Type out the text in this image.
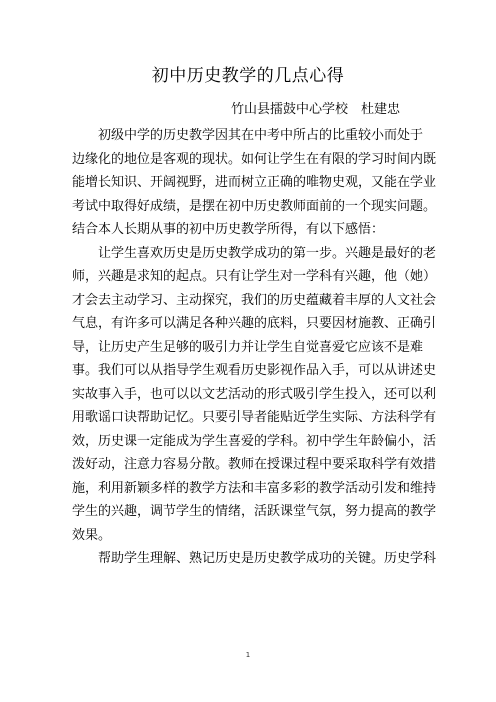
初中历史教学的几点心得
竹山县擂鼓中心学校　杜建忠
初级中学的历史教学因其在中考中所占的比重较小而处于
边缘化的地位是客观的现状。如何让学生在有限的学习时间内既
能增长知识、开阔视野，进而树立正确的唯物史观，又能在学业
考试中取得好成绩，是摆在初中历史教师面前的一个现实问题。
结合本人长期从事的初中历史教学所得，有以下感悟：
让学生喜欢历史是历史教学成功的第一步。兴趣是最好的老
师，兴趣是求知的起点。只有让学生对一学科有兴趣，他（她）
才会去主动学习、主动探究，我们的历史蕴藏着丰厚的人文社会
气息，有许多可以满足各种兴趣的底料，只要因材施教、正确引
导，让历史产生足够的吸引力并让学生自觉喜爱它应该不是难
事。我们可以从指导学生观看历史影视作品入手，可以从讲述史
实故事入手，也可以以文艺活动的形式吸引学生投入，还可以利
用歌谣口诀帮助记忆。只要引导者能贴近学生实际、方法科学有
效，历史课一定能成为学生喜爱的学科。初中学生年龄偏小，活
泼好动，注意力容易分散。教师在授课过程中要采取科学有效措
施，利用新颖多样的教学方法和丰富多彩的教学活动引发和维持
学生的兴趣，调节学生的情绪，活跃课堂气氛，努力提高的教学
效果。
帮助学生理解、熟记历史是历史教学成功的关键。历史学科
1
